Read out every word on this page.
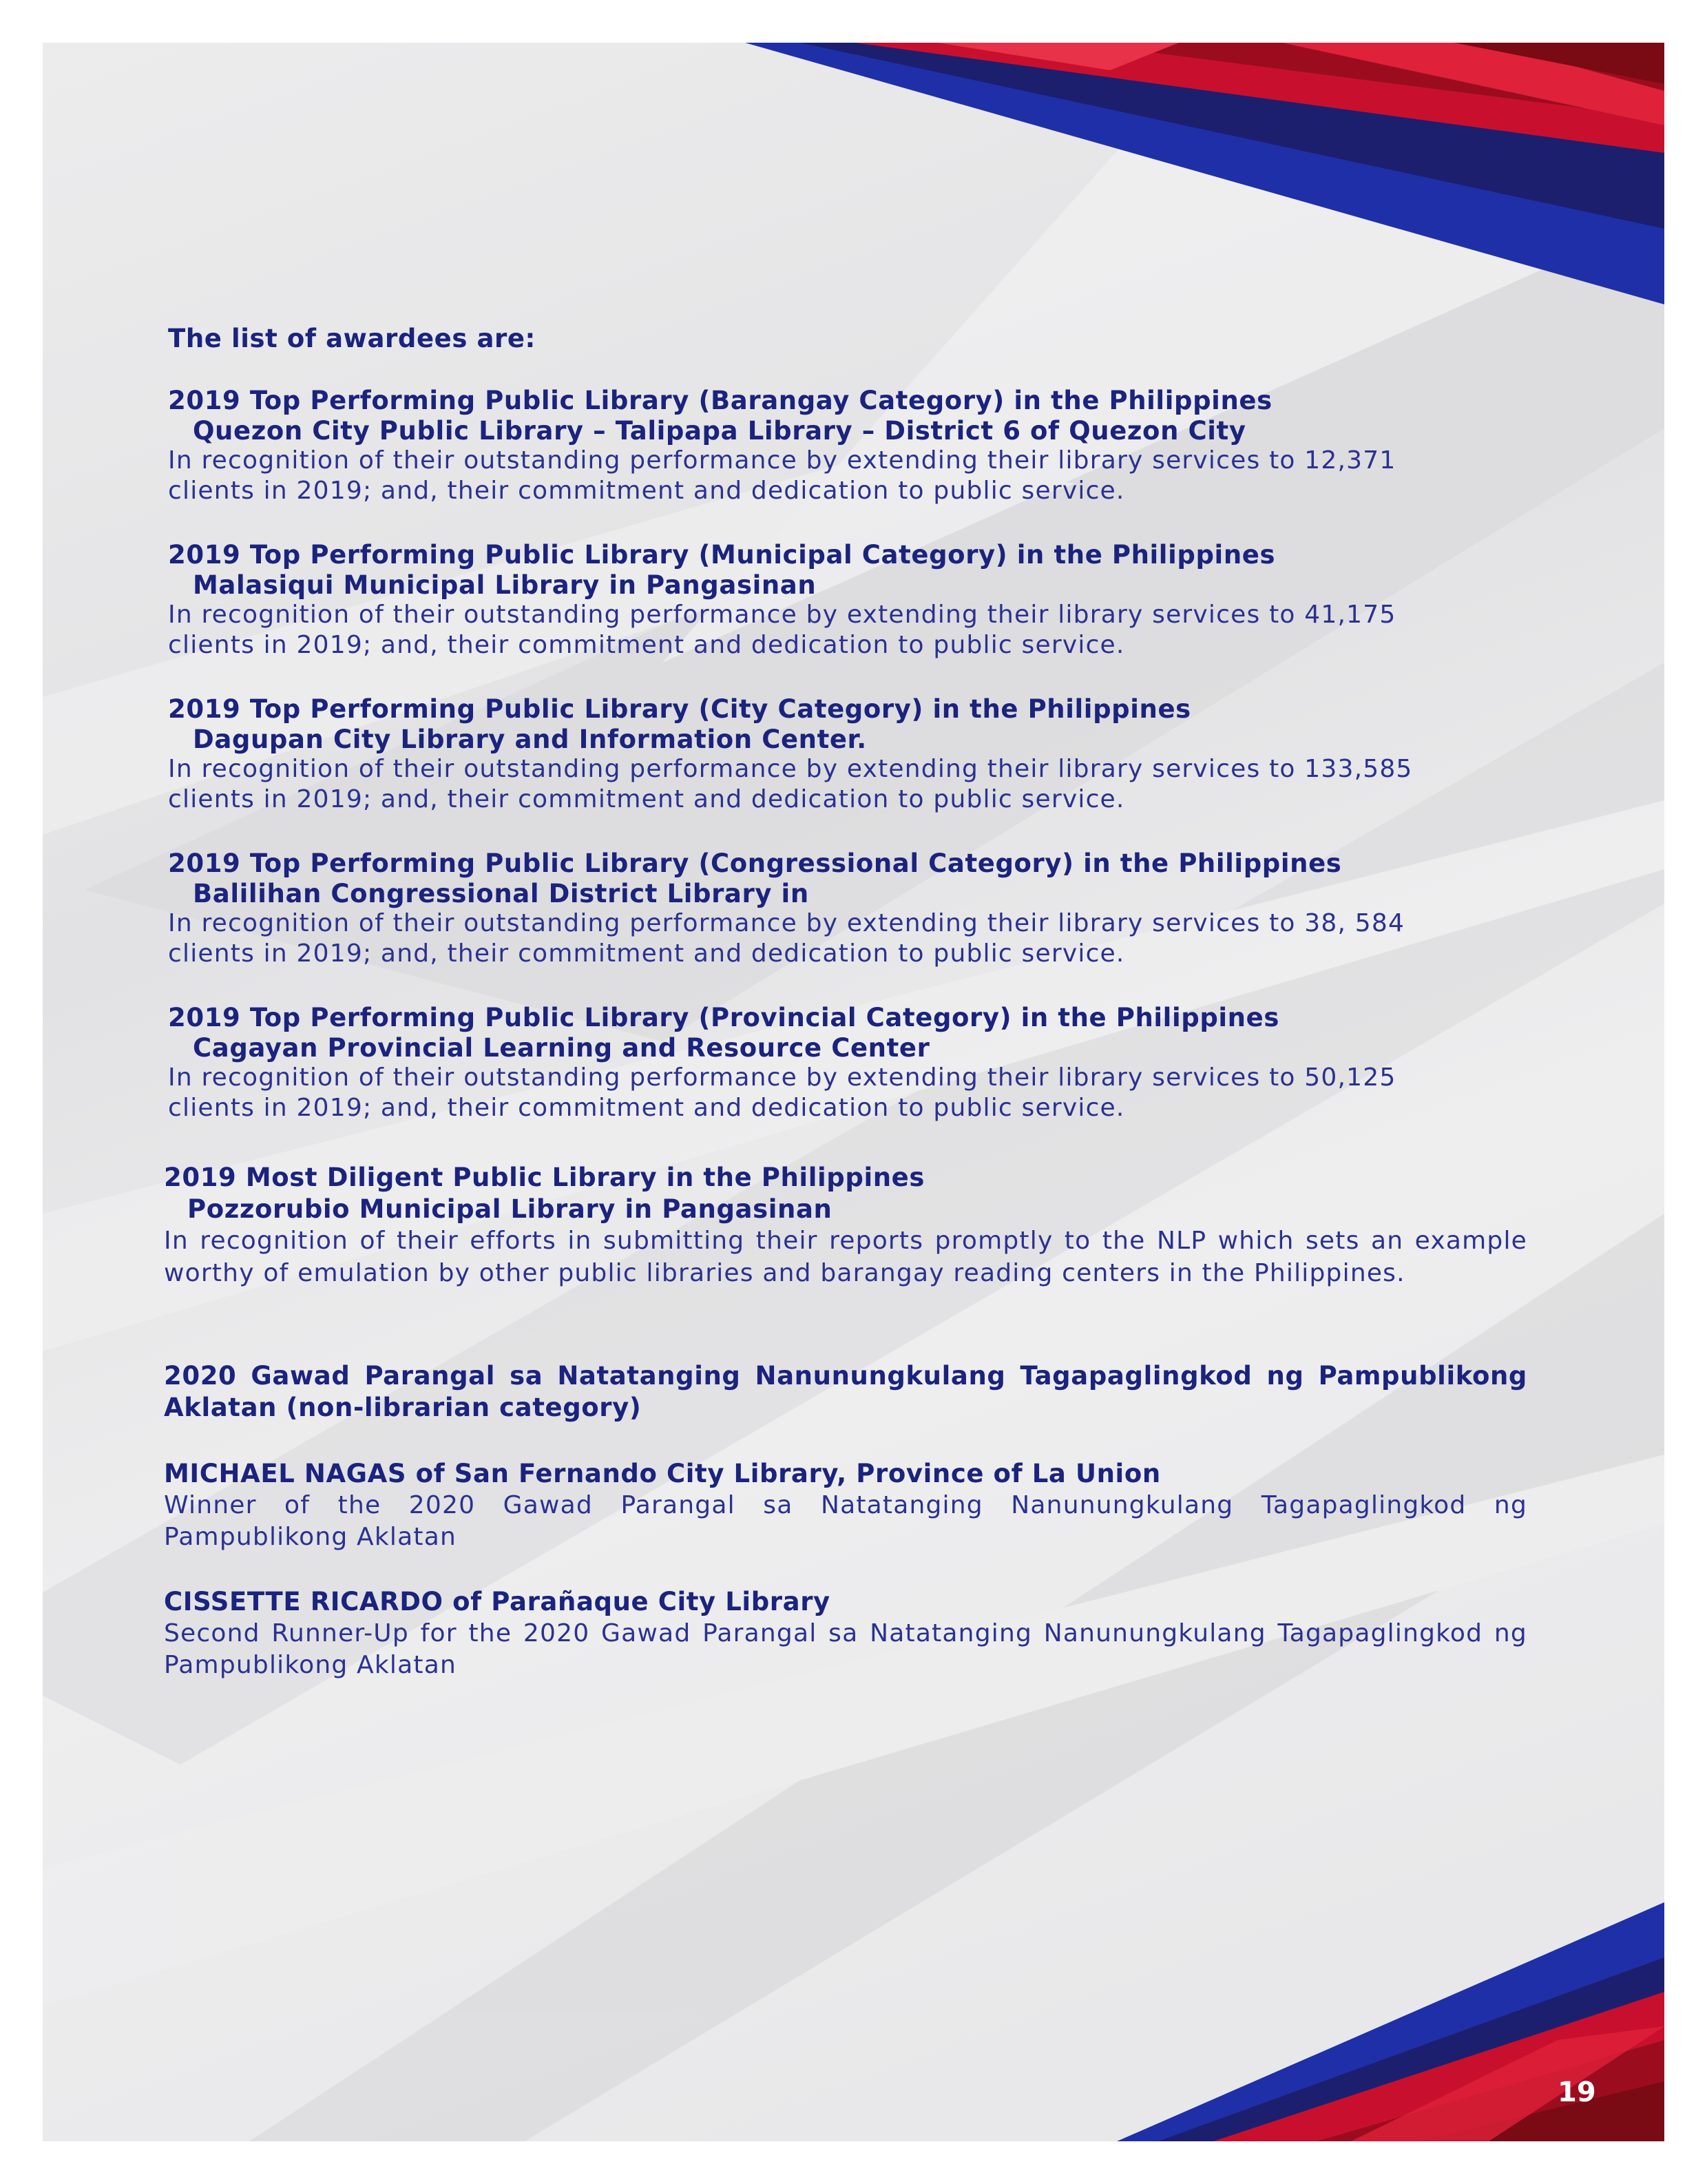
The list of awardees are:

2019 Top Performing Public Library (Barangay Category) in the Philippines

Quezon City Public Library – Talipapa Library – District 6 of Quezon City

In recognition of their outstanding performance by extending their library services to 12,371

clients in 2019; and, their commitment and dedication to public service.

2019 Top Performing Public Library (Municipal Category) in the Philippines

Malasiqui Municipal Library in Pangasinan

In recognition of their outstanding performance by extending their library services to 41,175

clients in 2019; and, their commitment and dedication to public service.

2019 Top Performing Public Library (City Category) in the Philippines

Dagupan City Library and Information Center.

In recognition of their outstanding performance by extending their library services to 133,585

clients in 2019; and, their commitment and dedication to public service.

2019 Top Performing Public Library (Congressional Category) in the Philippines

Balilihan Congressional District Library in

In recognition of their outstanding performance by extending their library services to 38, 584

clients in 2019; and, their commitment and dedication to public service.

2019 Top Performing Public Library (Provincial Category) in the Philippines

Cagayan Provincial Learning and Resource Center

In recognition of their outstanding performance by extending their library services to 50,125

clients in 2019; and, their commitment and dedication to public service.

2019 Most Diligent Public Library in the Philippines

Pozzorubio Municipal Library in Pangasinan

In recognition of their efforts in submitting their reports promptly to the NLP which sets an example worthy of emulation by other public libraries and barangay reading centers in the Philippines.

2020 Gawad Parangal sa Natatanging Nanunungkulang Tagapaglingkod ng Pampublikong Aklatan (non-librarian category)

MICHAEL NAGAS of San Fernando City Library, Province of La Union

Winner of the 2020 Gawad Parangal sa Natatanging Nanunungkulang Tagapaglingkod ng Pampublikong Aklatan

CISSETTE RICARDO of Parañaque City Library

Second Runner-Up for the 2020 Gawad Parangal sa Natatanging Nanunungkulang Tagapaglingkod ng Pampublikong Aklatan

19
